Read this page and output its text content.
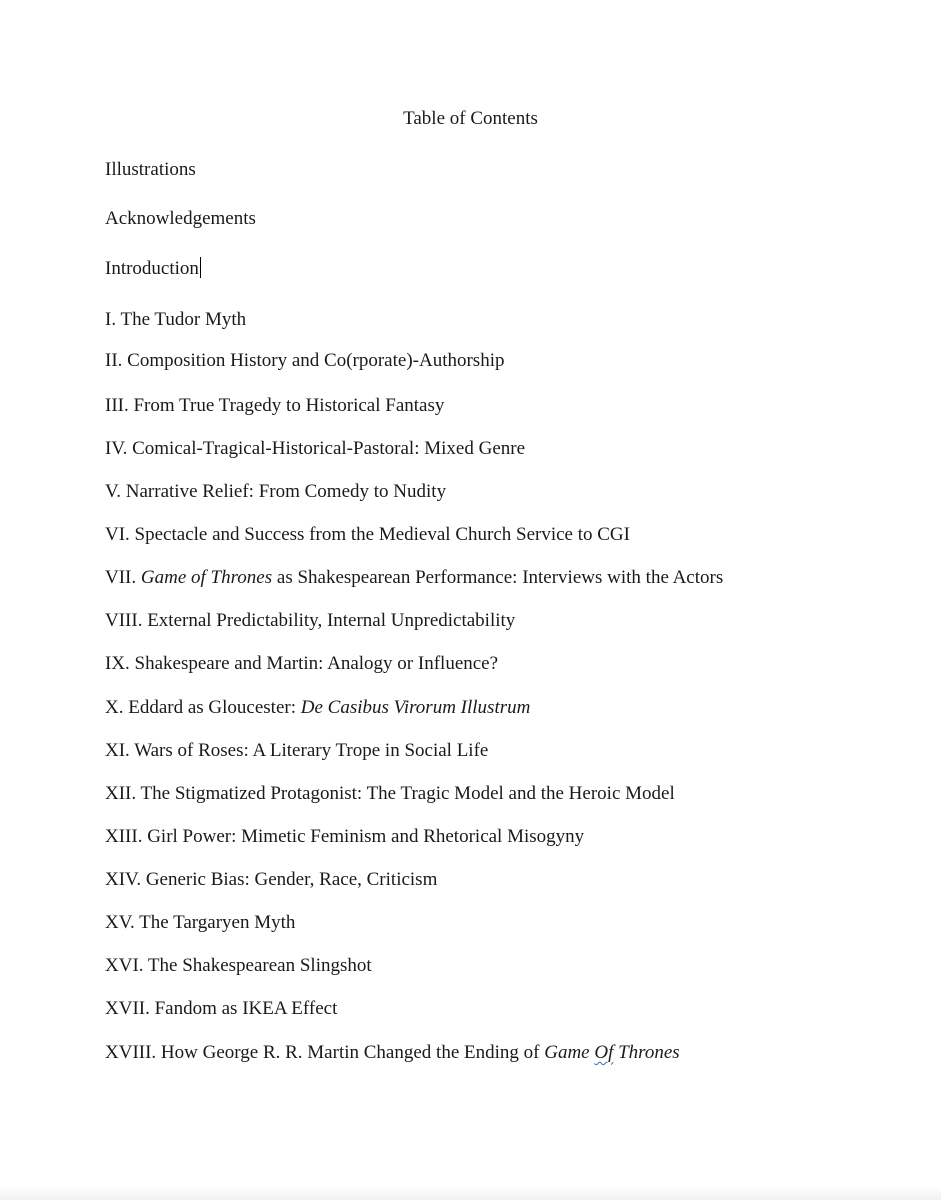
Table of Contents
Illustrations
Acknowledgements
Introduction
I. The Tudor Myth
II. Composition History and Co(rporate)-Authorship
III. From True Tragedy to Historical Fantasy
IV. Comical-Tragical-Historical-Pastoral: Mixed Genre
V. Narrative Relief: From Comedy to Nudity
VI. Spectacle and Success from the Medieval Church Service to CGI
VII. Game of Thrones as Shakespearean Performance: Interviews with the Actors
VIII. External Predictability, Internal Unpredictability
IX. Shakespeare and Martin: Analogy or Influence?
X. Eddard as Gloucester: De Casibus Virorum Illustrum
XI. Wars of Roses: A Literary Trope in Social Life
XII. The Stigmatized Protagonist: The Tragic Model and the Heroic Model
XIII. Girl Power: Mimetic Feminism and Rhetorical Misogyny
XIV. Generic Bias: Gender, Race, Criticism
XV. The Targaryen Myth
XVI. The Shakespearean Slingshot
XVII. Fandom as IKEA Effect
XVIII. How George R. R. Martin Changed the Ending of Game Of Thrones
